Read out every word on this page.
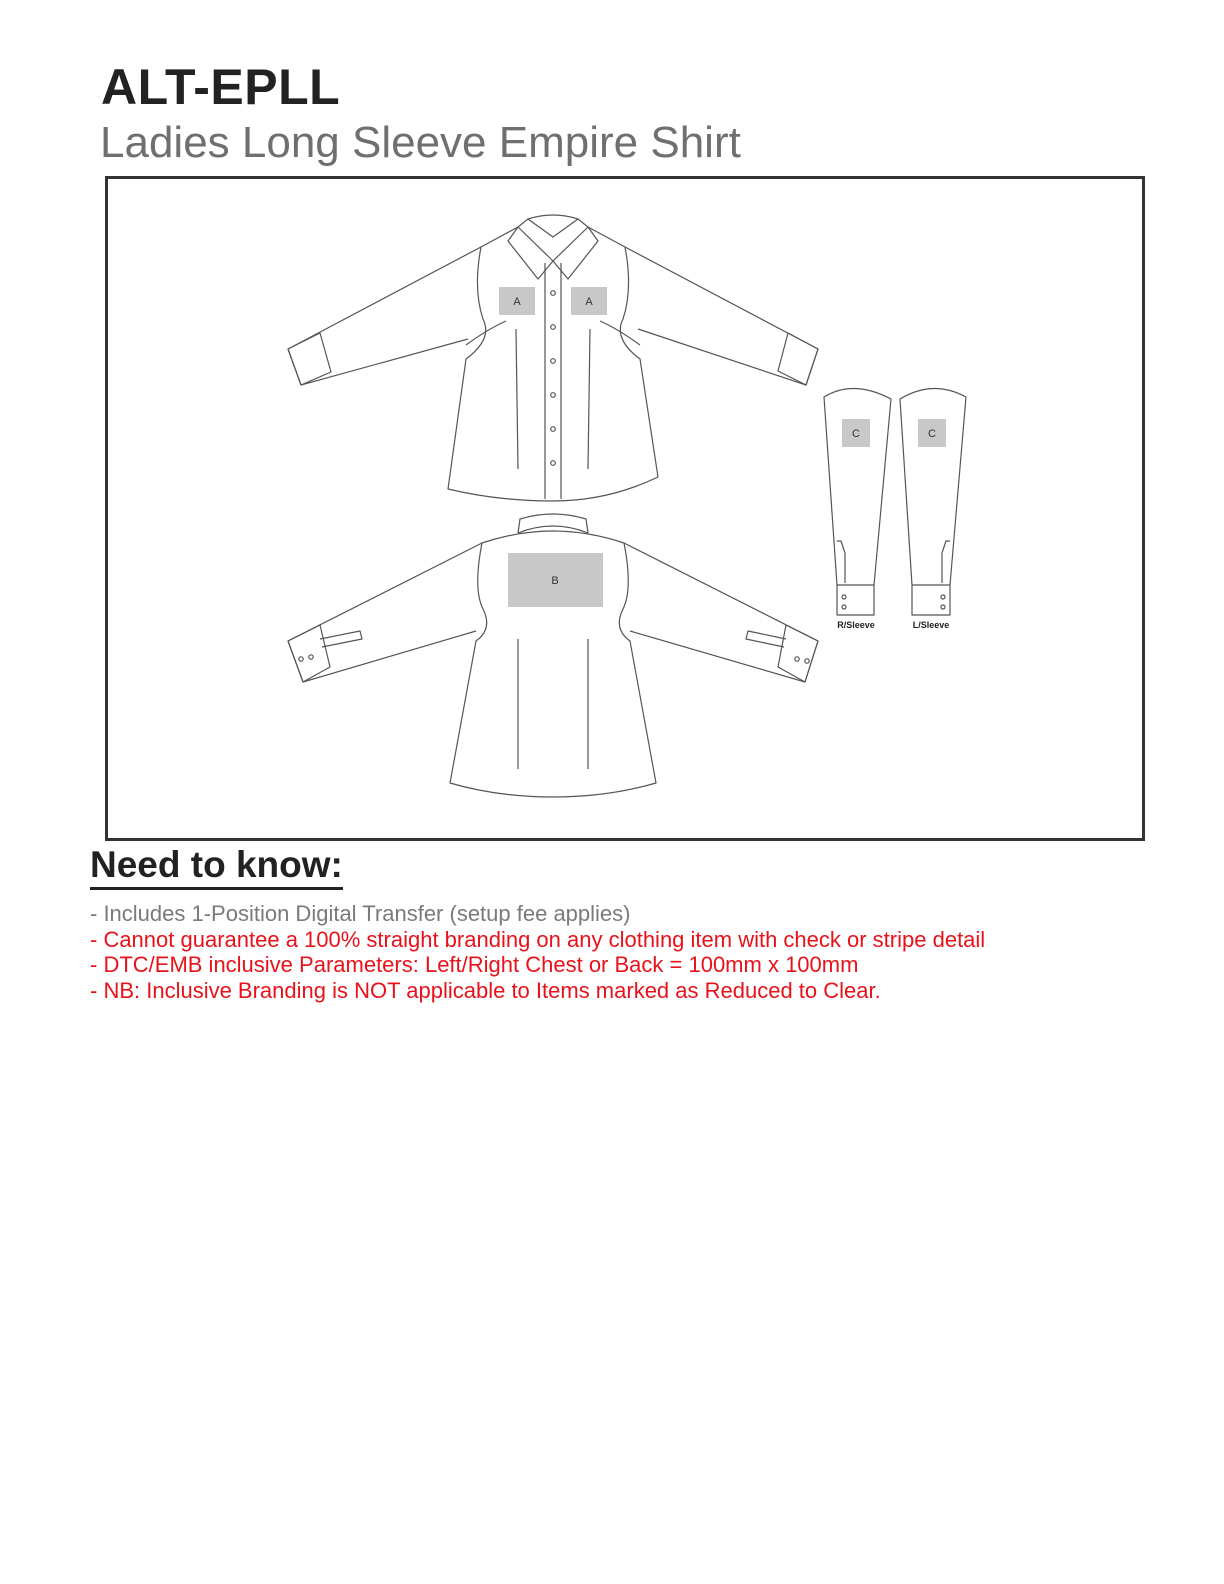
ALT-EPLL
Ladies Long Sleeve Empire Shirt
A	A
B
C	C
R/Sleeve	L/Sleeve
Need to know:
- Includes 1-Position Digital Transfer (setup fee applies)
- Cannot guarantee a 100% straight branding on any clothing item with check or stripe detail
- DTC/EMB inclusive Parameters: Left/Right Chest or Back = 100mm x 100mm
- NB: Inclusive Branding is NOT applicable to Items marked as Reduced to Clear.
